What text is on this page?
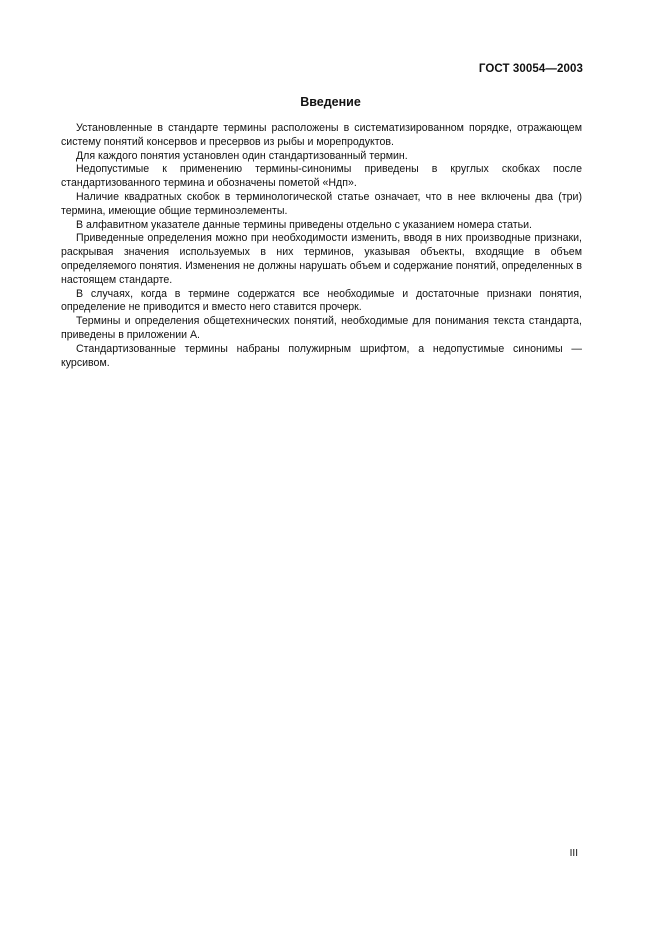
ГОСТ 30054—2003
Введение

Установленные в стандарте термины расположены в систематизированном порядке, отражающем систему понятий консервов и пресервов из рыбы и морепродуктов.

Для каждого понятия установлен один стандартизованный термин.

Недопустимые к применению термины-синонимы приведены в круглых скобках после стандартизованного термина и обозначены пометой «Ндп».

Наличие квадратных скобок в терминологической статье означает, что в нее включены два (три) термина, имеющие общие терминоэлементы.

В алфавитном указателе данные термины приведены отдельно с указанием номера статьи.

Приведенные определения можно при необходимости изменить, вводя в них производные признаки, раскрывая значения используемых в них терминов, указывая объекты, входящие в объем определяемого понятия. Изменения не должны нарушать объем и содержание понятий, определенных в настоящем стандарте.

В случаях, когда в термине содержатся все необходимые и достаточные признаки понятия, определение не приводится и вместо него ставится прочерк.

Термины и определения общетехнических понятий, необходимые для понимания текста стандарта, приведены в приложении А.

Стандартизованные термины набраны полужирным шрифтом, а недопустимые синонимы — курсивом.

III
